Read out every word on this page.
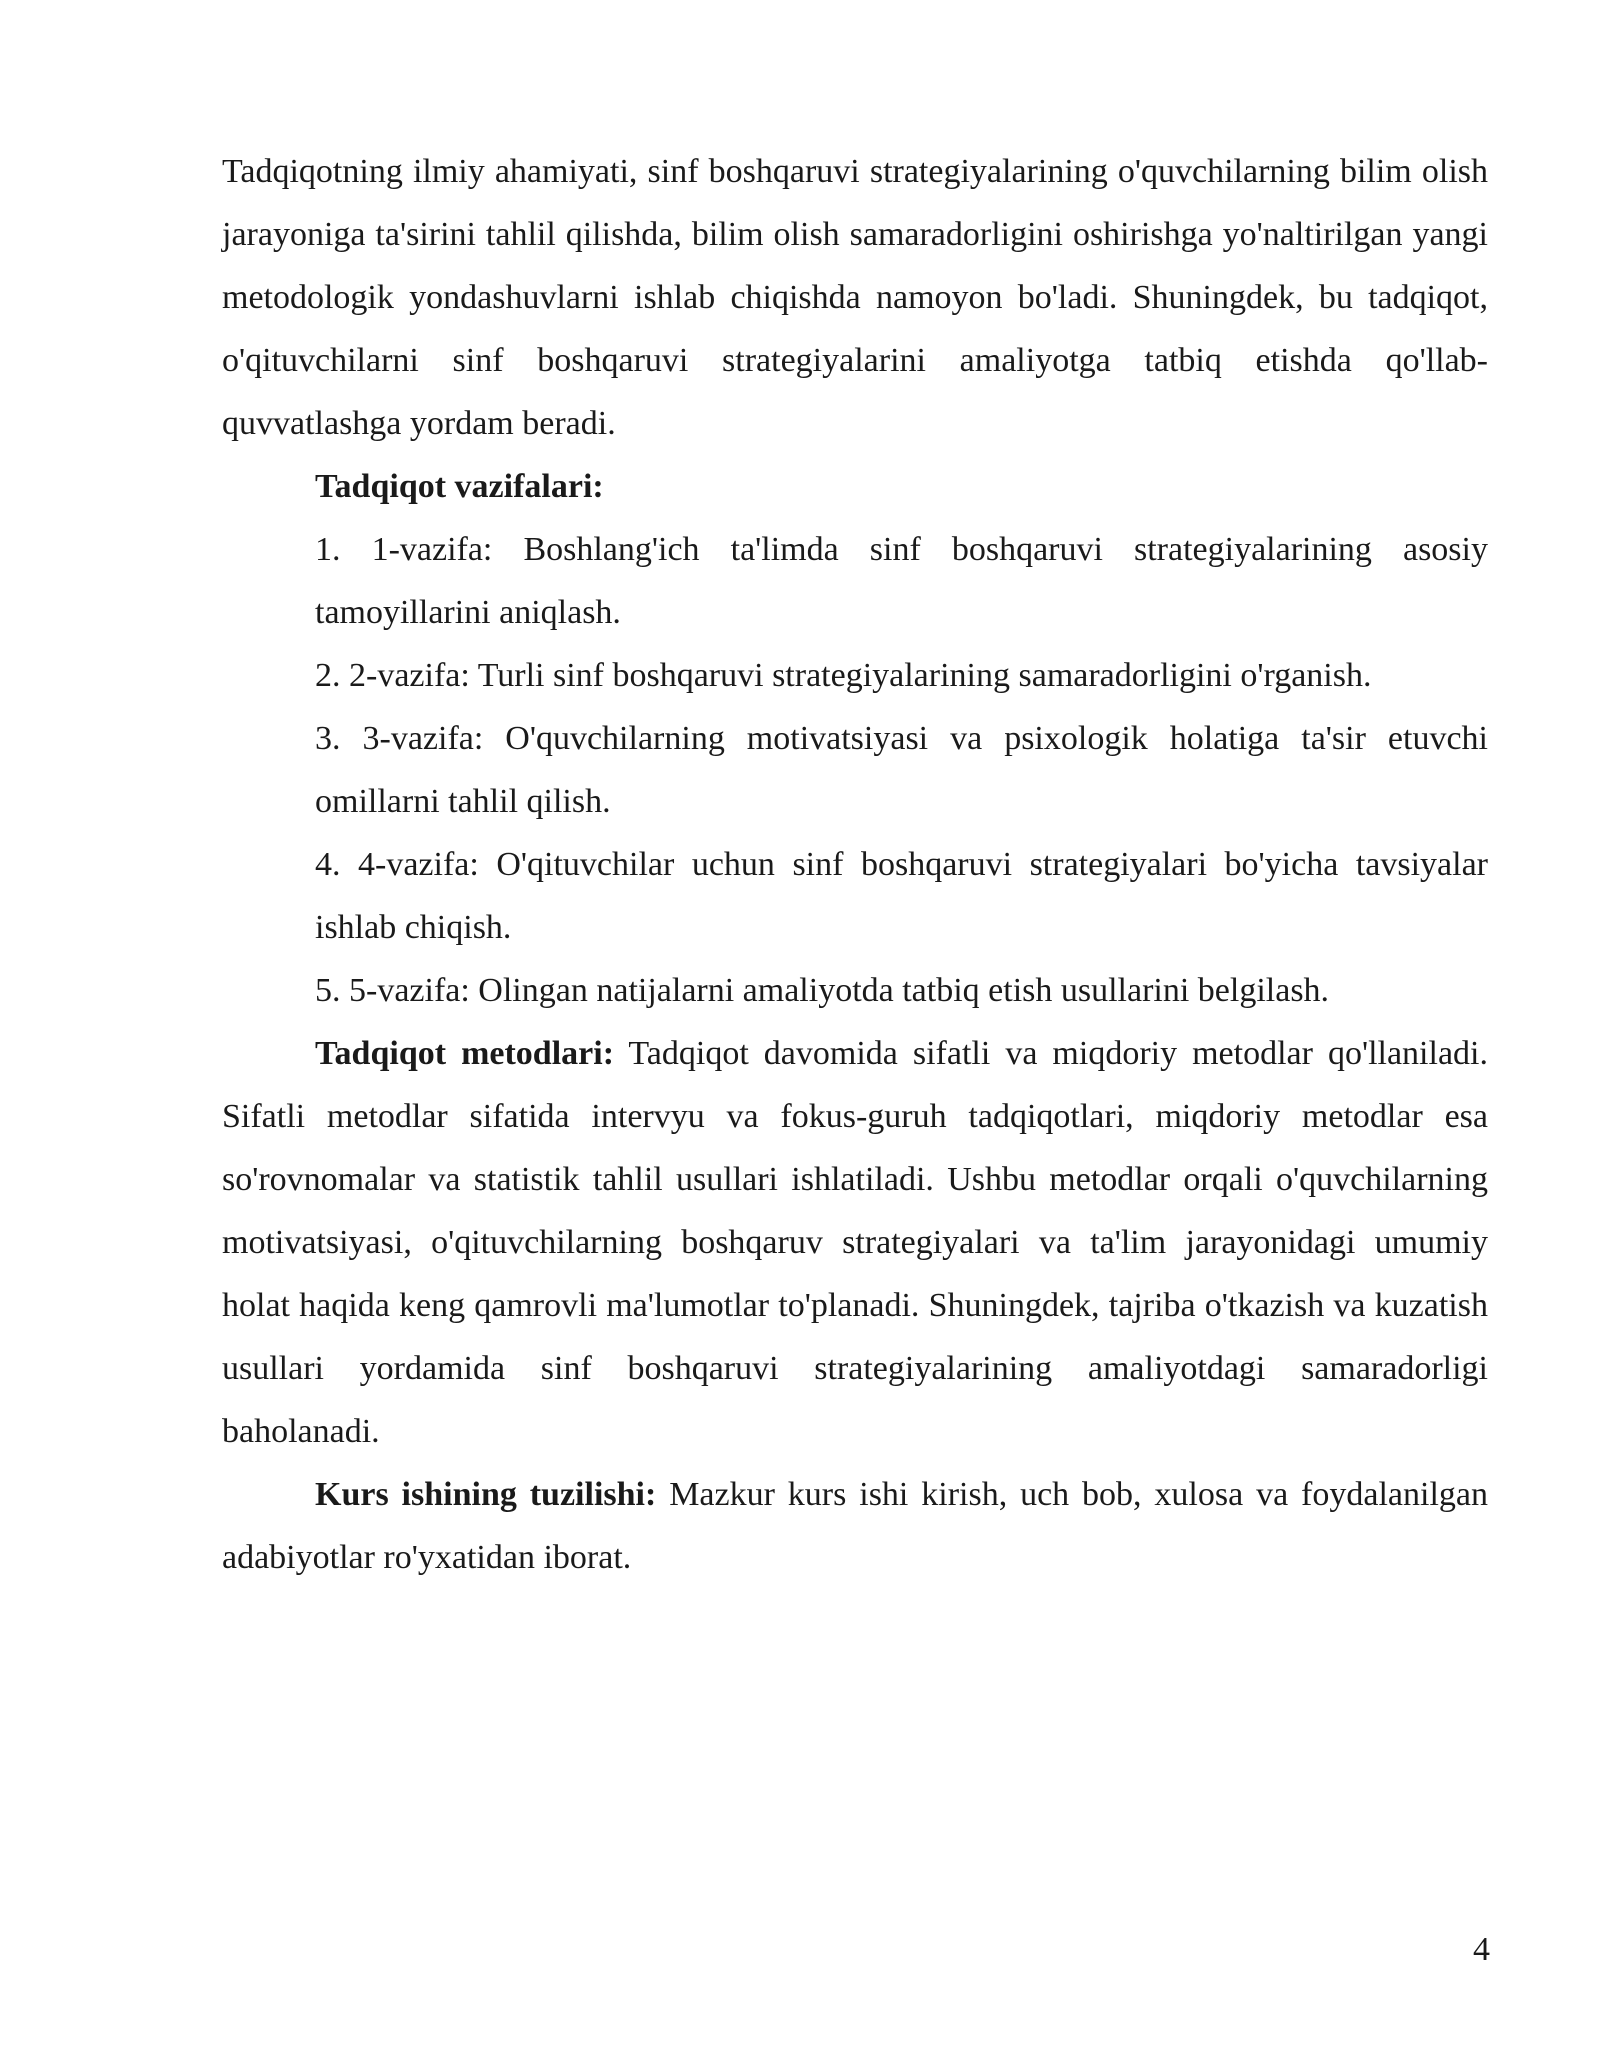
Tadqiqotning ilmiy ahamiyati, sinf boshqaruvi strategiyalarining o'quvchilarning bilim olish jarayoniga ta'sirini tahlil qilishda, bilim olish samaradorligini oshirishga yo'naltirilgan yangi metodologik yondashuvlarni ishlab chiqishda namoyon bo'ladi. Shuningdek, bu tadqiqot, o'qituvchilarni sinf boshqaruvi strategiyalarini amaliyotga tatbiq etishda qo'llab-quvvatlashga yordam beradi.

Tadqiqot vazifalari:

1. 1-vazifa: Boshlang'ich ta'limda sinf boshqaruvi strategiyalarining asosiy tamoyillarini aniqlash.
2. 2-vazifa: Turli sinf boshqaruvi strategiyalarining samaradorligini o'rganish.
3. 3-vazifa: O'quvchilarning motivatsiyasi va psixologik holatiga ta'sir etuvchi omillarni tahlil qilish.
4. 4-vazifa: O'qituvchilar uchun sinf boshqaruvi strategiyalari bo'yicha tavsiyalar ishlab chiqish.
5. 5-vazifa: Olingan natijalarni amaliyotda tatbiq etish usullarini belgilash.

Tadqiqot metodlari: Tadqiqot davomida sifatli va miqdoriy metodlar qo'llaniladi. Sifatli metodlar sifatida intervyu va fokus-guruh tadqiqotlari, miqdoriy metodlar esa so'rovnomalar va statistik tahlil usullari ishlatiladi. Ushbu metodlar orqali o'quvchilarning motivatsiyasi, o'qituvchilarning boshqaruv strategiyalari va ta'lim jarayonidagi umumiy holat haqida keng qamrovli ma'lumotlar to'planadi. Shuningdek, tajriba o'tkazish va kuzatish usullari yordamida sinf boshqaruvi strategiyalarining amaliyotdagi samaradorligi baholanadi.

Kurs ishining tuzilishi: Mazkur kurs ishi kirish, uch bob, xulosa va foydalanilgan adabiyotlar ro'yxatidan iborat.

4
